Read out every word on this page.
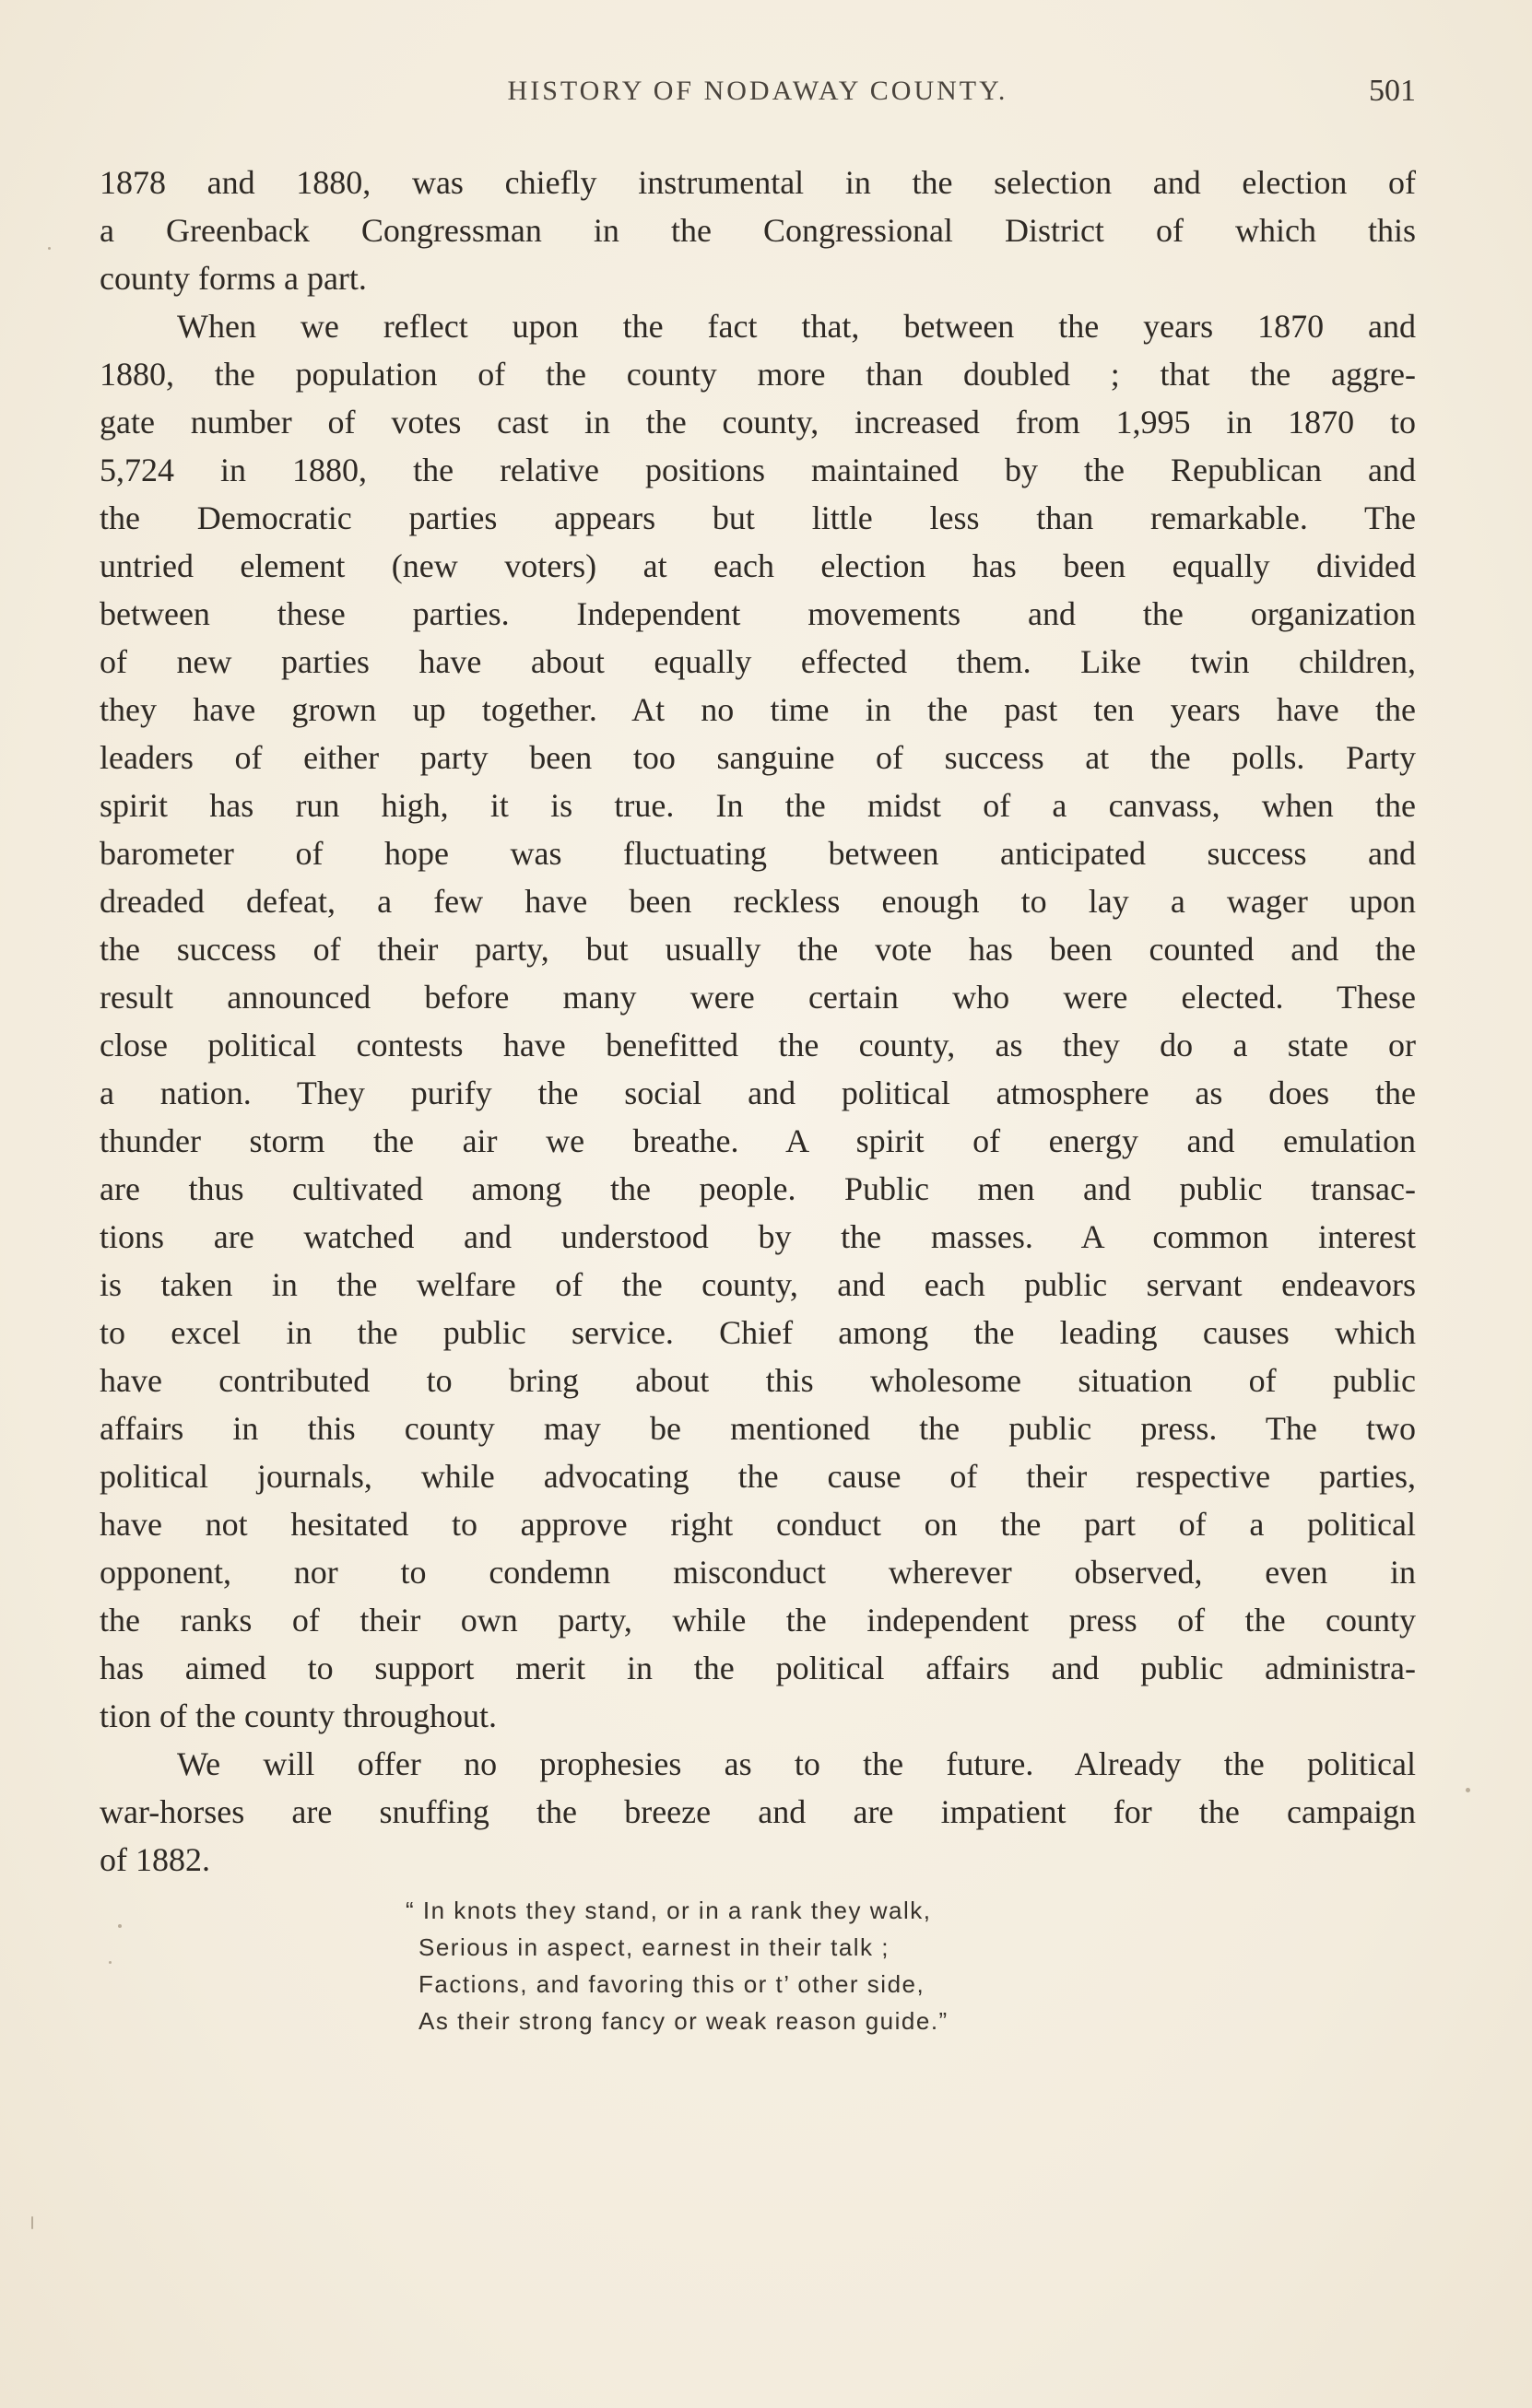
HISTORY OF NODAWAY COUNTY.	501
1878 and 1880, was chiefly instrumental in the selection and election of
a Greenback Congressman in the Congressional District of which this
county forms a part.
When we reflect upon the fact that, between the years 1870 and
1880, the population of the county more than doubled ; that the aggre-
gate number of votes cast in the county, increased from 1,995 in 1870 to
5,724 in 1880, the relative positions maintained by the Republican and
the Democratic parties appears but little less than remarkable. The
untried element (new voters) at each election has been equally divided
between these parties. Independent movements and the organization
of new parties have about equally effected them. Like twin children,
they have grown up together. At no time in the past ten years have the
leaders of either party been too sanguine of success at the polls. Party
spirit has run high, it is true. In the midst of a canvass, when the
barometer of hope was fluctuating between anticipated success and
dreaded defeat, a few have been reckless enough to lay a wager upon
the success of their party, but usually the vote has been counted and the
result announced before many were certain who were elected. These
close political contests have benefitted the county, as they do a state or
a nation. They purify the social and political atmosphere as does the
thunder storm the air we breathe. A spirit of energy and emulation
are thus cultivated among the people. Public men and public transac-
tions are watched and understood by the masses. A common interest
is taken in the welfare of the county, and each public servant endeavors
to excel in the public service. Chief among the leading causes which
have contributed to bring about this wholesome situation of public
affairs in this county may be mentioned the public press. The two
political journals, while advocating the cause of their respective parties,
have not hesitated to approve right conduct on the part of a political
opponent, nor to condemn misconduct wherever observed, even in
the ranks of their own party, while the independent press of the county
has aimed to support merit in the political affairs and public administra-
tion of the county throughout.
We will offer no prophesies as to the future. Already the political
war-horses are snuffing the breeze and are impatient for the campaign
of 1882.
“ In knots they stand, or in a rank they walk,
Serious in aspect, earnest in their talk ;
Factions, and favoring this or t’ other side,
As their strong fancy or weak reason guide.”
